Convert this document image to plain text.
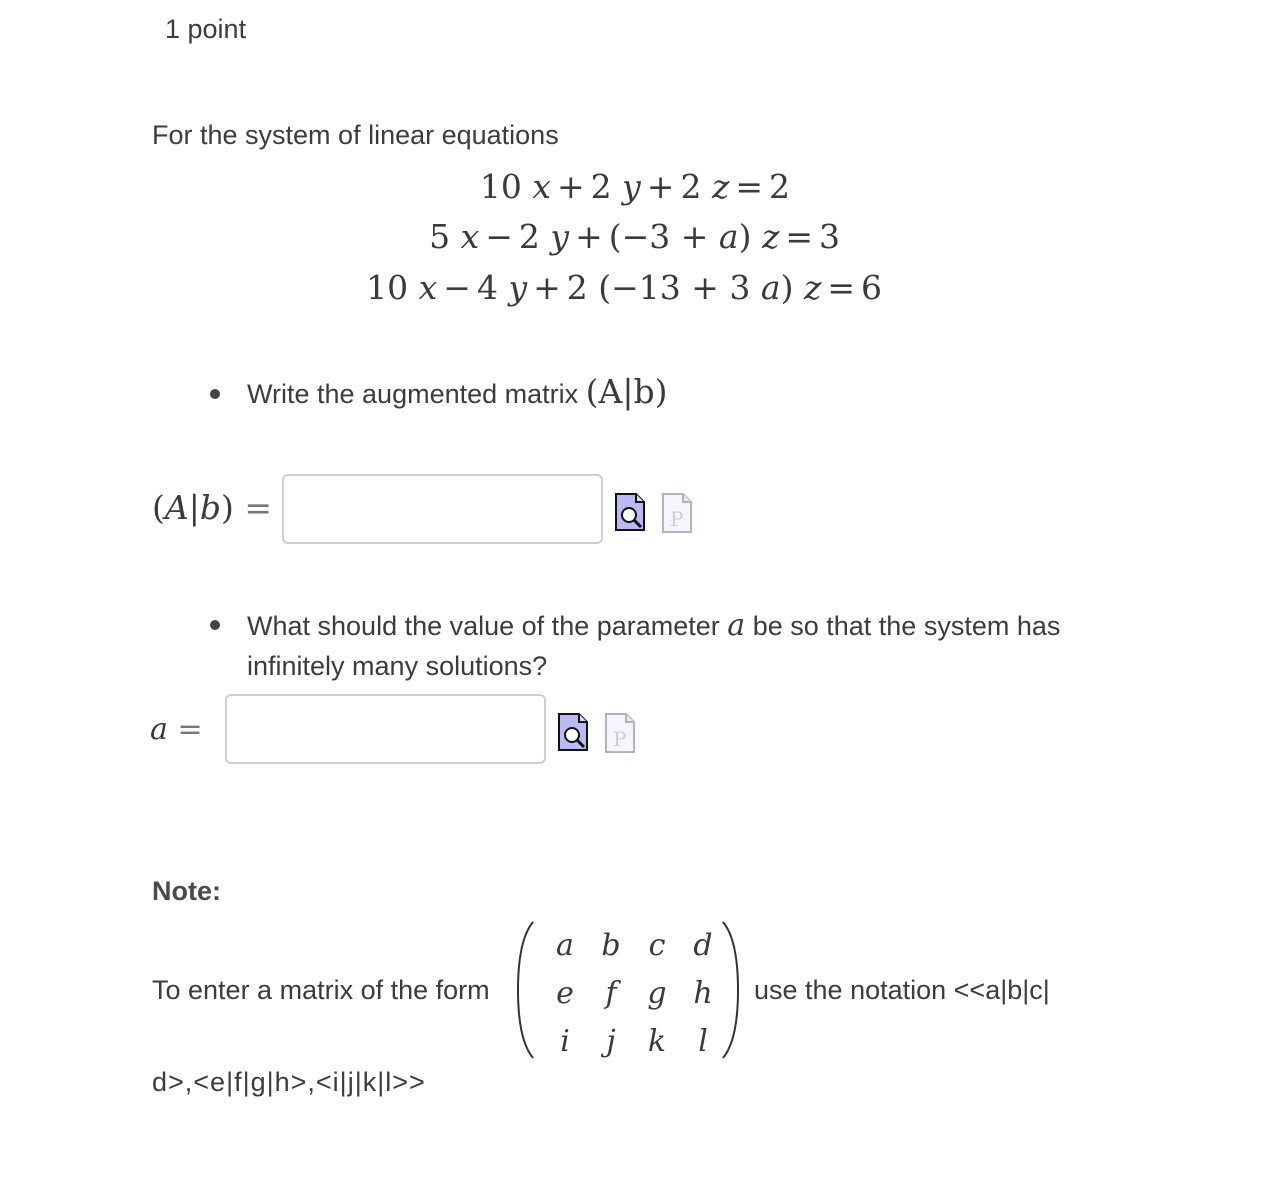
1 point
For the system of linear equations
10 x + 2 y + 2 z = 2
5 x − 2 y + (−3 + a) z = 3
10 x − 4 y + 2 (−13 + 3 a) z = 6
Write the augmented matrix (A|b)
(A|b) =	P
What should the value of the parameter a be so that the system has infinitely many solutions?
a =	P
Note:
To enter a matrix of the form
a b c d
e	f	g h
i	j	k	l
use the notation <<a|b|c|
d>,<e|f|g|h>,<i|j|k|l>>
